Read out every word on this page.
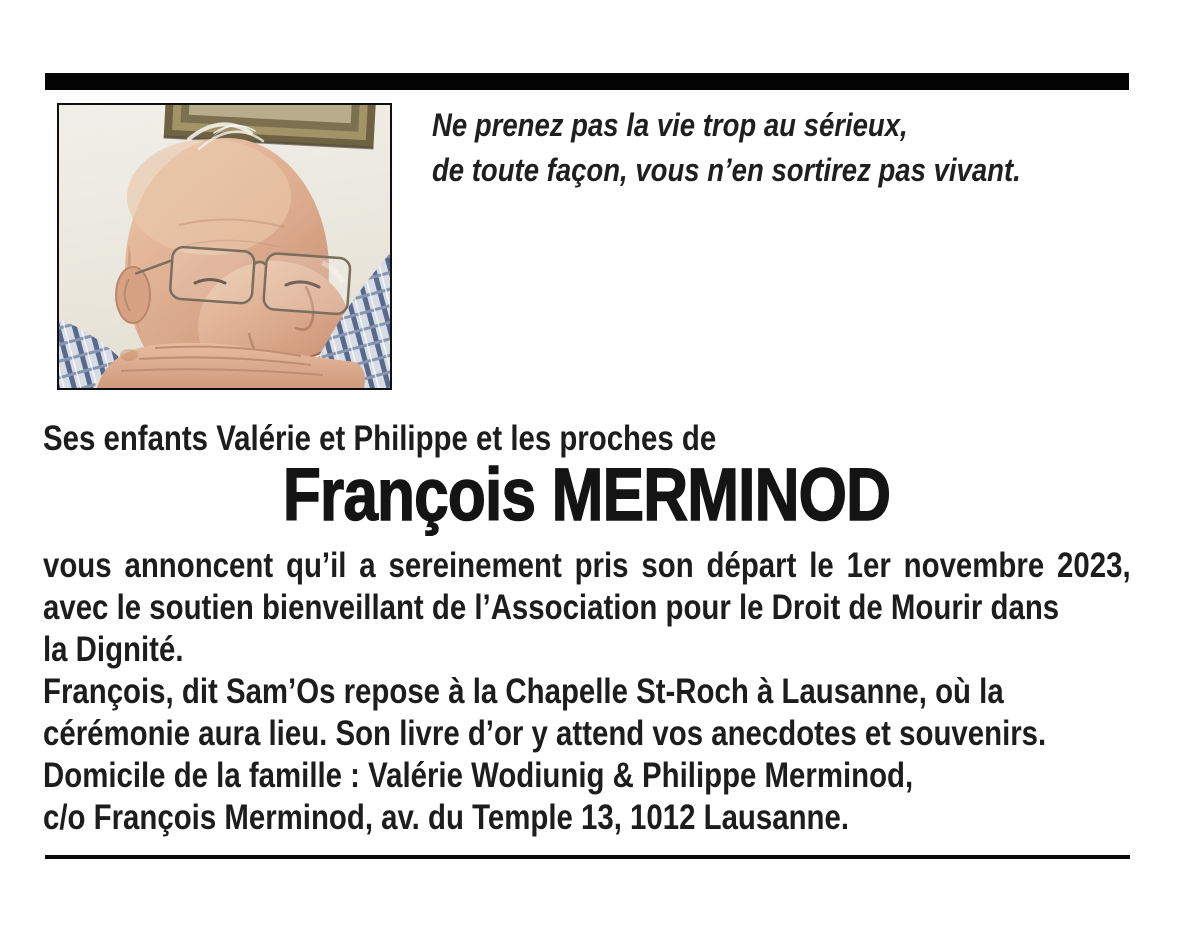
Ne prenez pas la vie trop au sérieux,
de toute façon, vous n’en sortirez pas vivant.
Ses enfants Valérie et Philippe et les proches de
François MERMINOD
vous annoncent qu’il a sereinement pris son départ le 1er novembre 2023,
avec le soutien bienveillant de l’Association pour le Droit de Mourir dans
la Dignité.
François, dit Sam’Os repose à la Chapelle St-Roch à Lausanne, où la
cérémonie aura lieu. Son livre d’or y attend vos anecdotes et souvenirs.
Domicile de la famille : Valérie Wodiunig & Philippe Merminod,
c/o François Merminod, av. du Temple 13, 1012 Lausanne.
